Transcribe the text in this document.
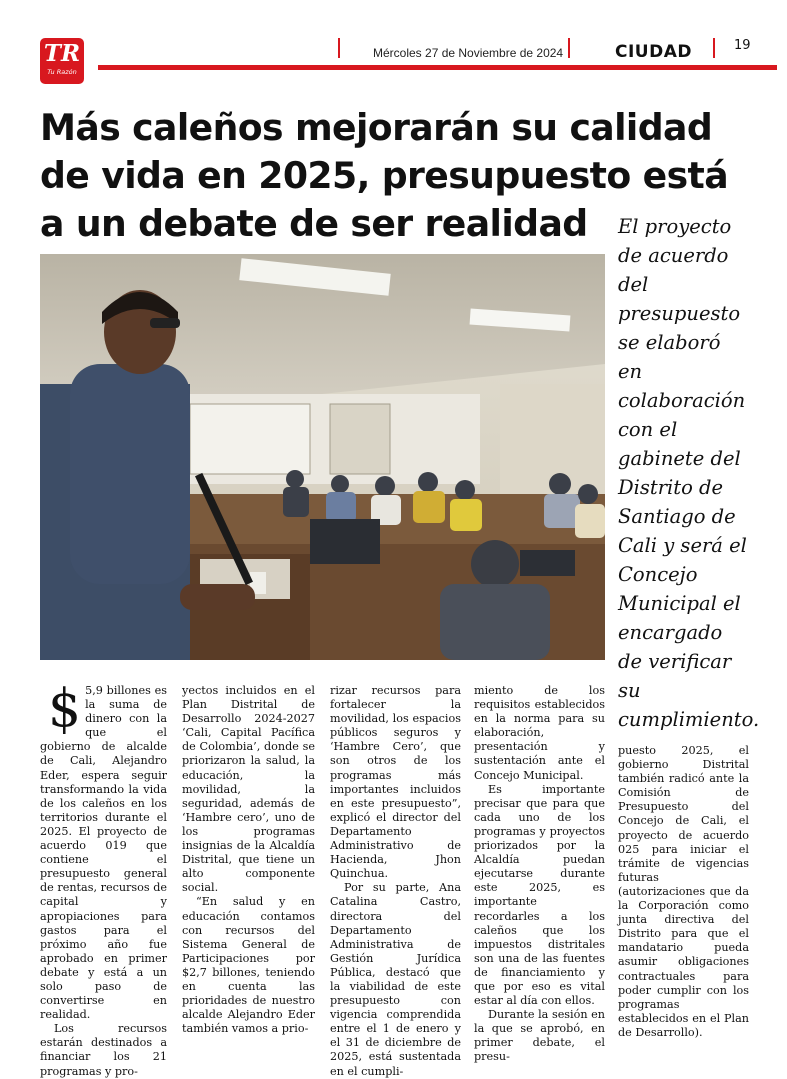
TR
Tu Razón
Mércoles 27 de Noviembre de 2024	CIUDAD	19
Más caleños mejorarán su calidad de vida en 2025, presupuesto está a un debate de ser realidad	El proyecto de acuerdo del presupuesto se elaboró en colaboración con el gabinete del Distrito de Santiago de Cali y será el Concejo Municipal el encargado de verificar su cumplimiento.
$ 5,9 billones es la suma de dinero con la que el gobierno de alcalde de Cali, Alejandro Eder, espera seguir transformando la vida de los caleños en los territorios durante el 2025. El proyecto de acuerdo 019 que contiene el presupuesto general de rentas, recursos de capital y apropiaciones para gastos para el próximo año fue aprobado en primer debate y está a un solo paso de convertirse en realidad.

Los recursos estarán destinados a financiar los 21 programas y pro-

yectos incluidos en el Plan Distrital de Desarrollo 2024-2027 ‘Cali, Capital Pacífica de Colombia’, donde se priorizaron la salud, la educación, la movilidad, la seguridad, además de ‘Hambre cero’, uno de los programas insignias de la Alcaldía Distrital, que tiene un alto componente social.

“En salud y en educación contamos con recursos del Sistema General de Participaciones por $2,7 billones, teniendo en cuenta las prioridades de nuestro alcalde Alejandro Eder también vamos a prio-

rizar recursos para fortalecer la movilidad, los espacios públicos seguros y ‘Hambre Cero’, que son otros de los programas más importantes incluidos en este presupuesto”, explicó el director del Departamento Administrativo de Hacienda, Jhon Quinchua.

Por su parte, Ana Catalina Castro, directora del Departamento Administrativa de Gestión Jurídica Pública, destacó que la viabilidad de este presupuesto con vigencia comprendida entre el 1 de enero y el 31 de diciembre de 2025, está sustentada en el cumpli-

miento de los requisitos establecidos en la norma para su elaboración, presentación y sustentación ante el Concejo Municipal.

Es importante precisar que para que cada uno de los programas y proyectos priorizados por la Alcaldía puedan ejecutarse durante este 2025, es importante recordarles a los caleños que los impuestos distritales son una de las fuentes de financiamiento y que por eso es vital estar al día con ellos.

Durante la sesión en la que se aprobó, en primer debate, el presu-

puesto 2025, el gobierno Distrital también radicó ante la Comisión de Presupuesto del Concejo de Cali, el proyecto de acuerdo 025 para iniciar el trámite de vigencias futuras (autorizaciones que da la Corporación como junta directiva del Distrito para que el mandatario pueda asumir obligaciones contractuales para poder cumplir con los programas establecidos en el Plan de Desarrollo).
